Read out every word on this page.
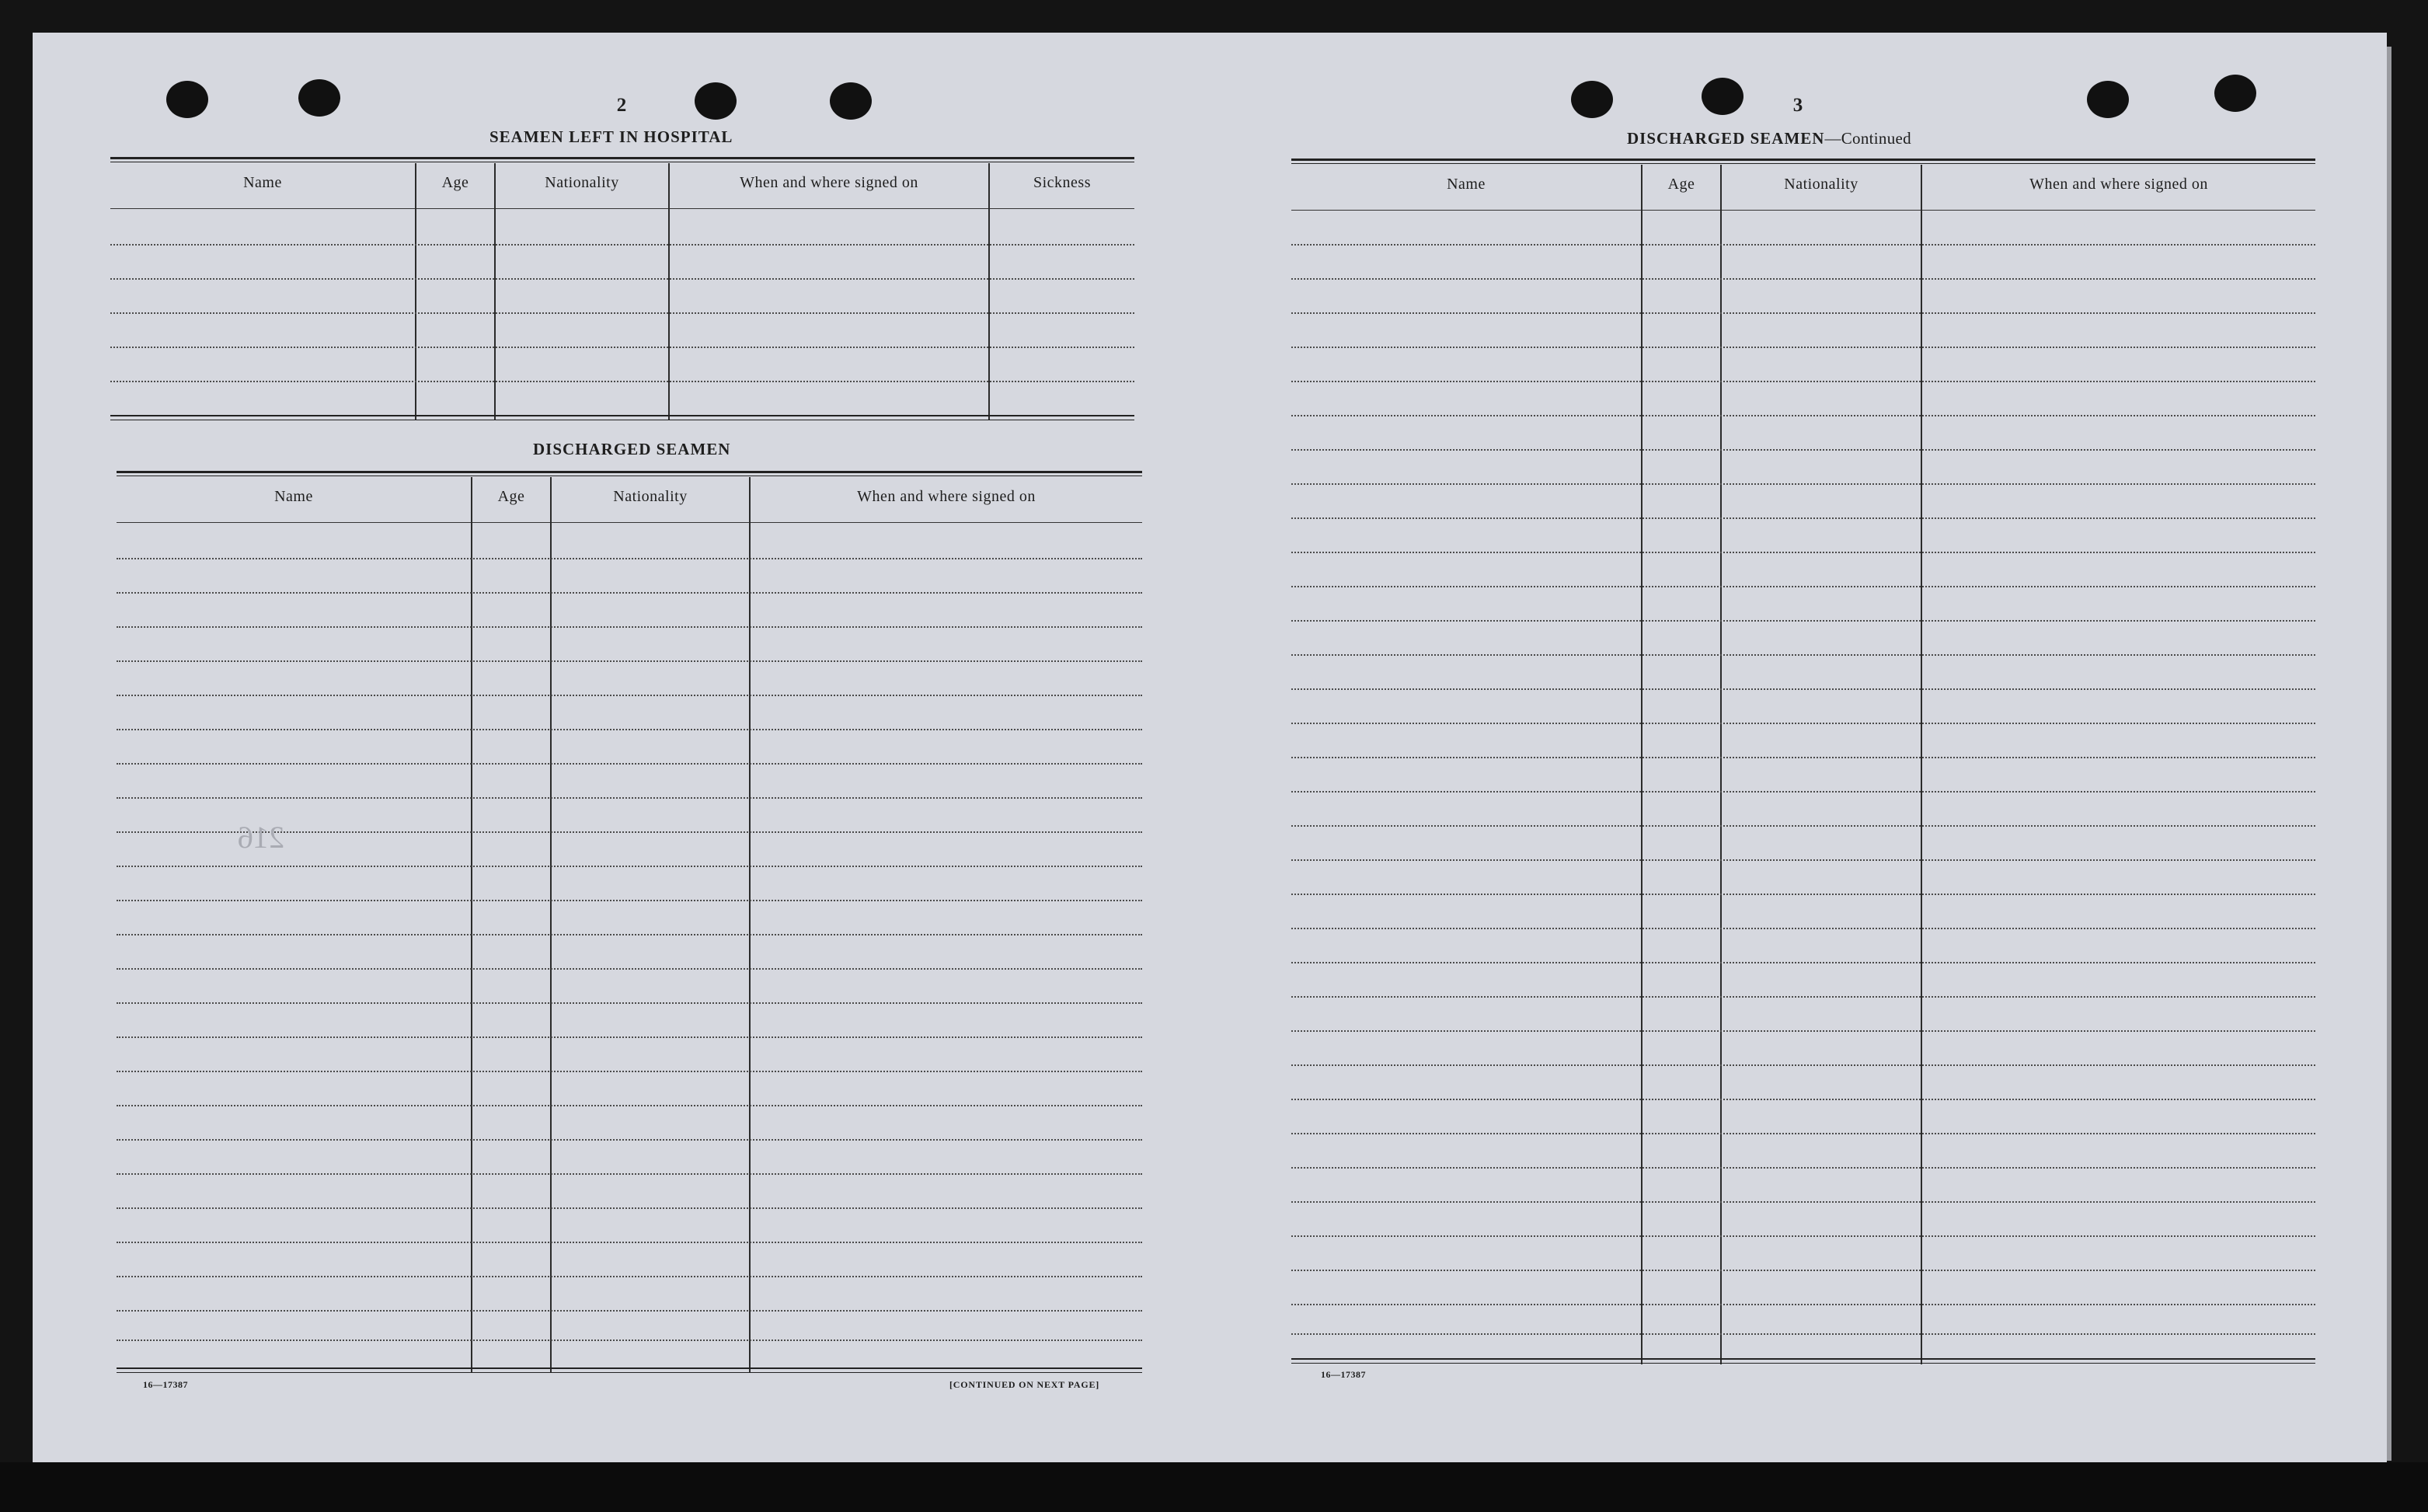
2
SEAMEN LEFT IN HOSPITAL
Name	Age	Nationality	When and where signed on	Sickness
DISCHARGED SEAMEN
Name	Age	Nationality	When and where signed on
216
16—17387	[CONTINUED ON NEXT PAGE]
3
DISCHARGED SEAMEN—Continued
Name	Age	Nationality	When and where signed on
16—17387
